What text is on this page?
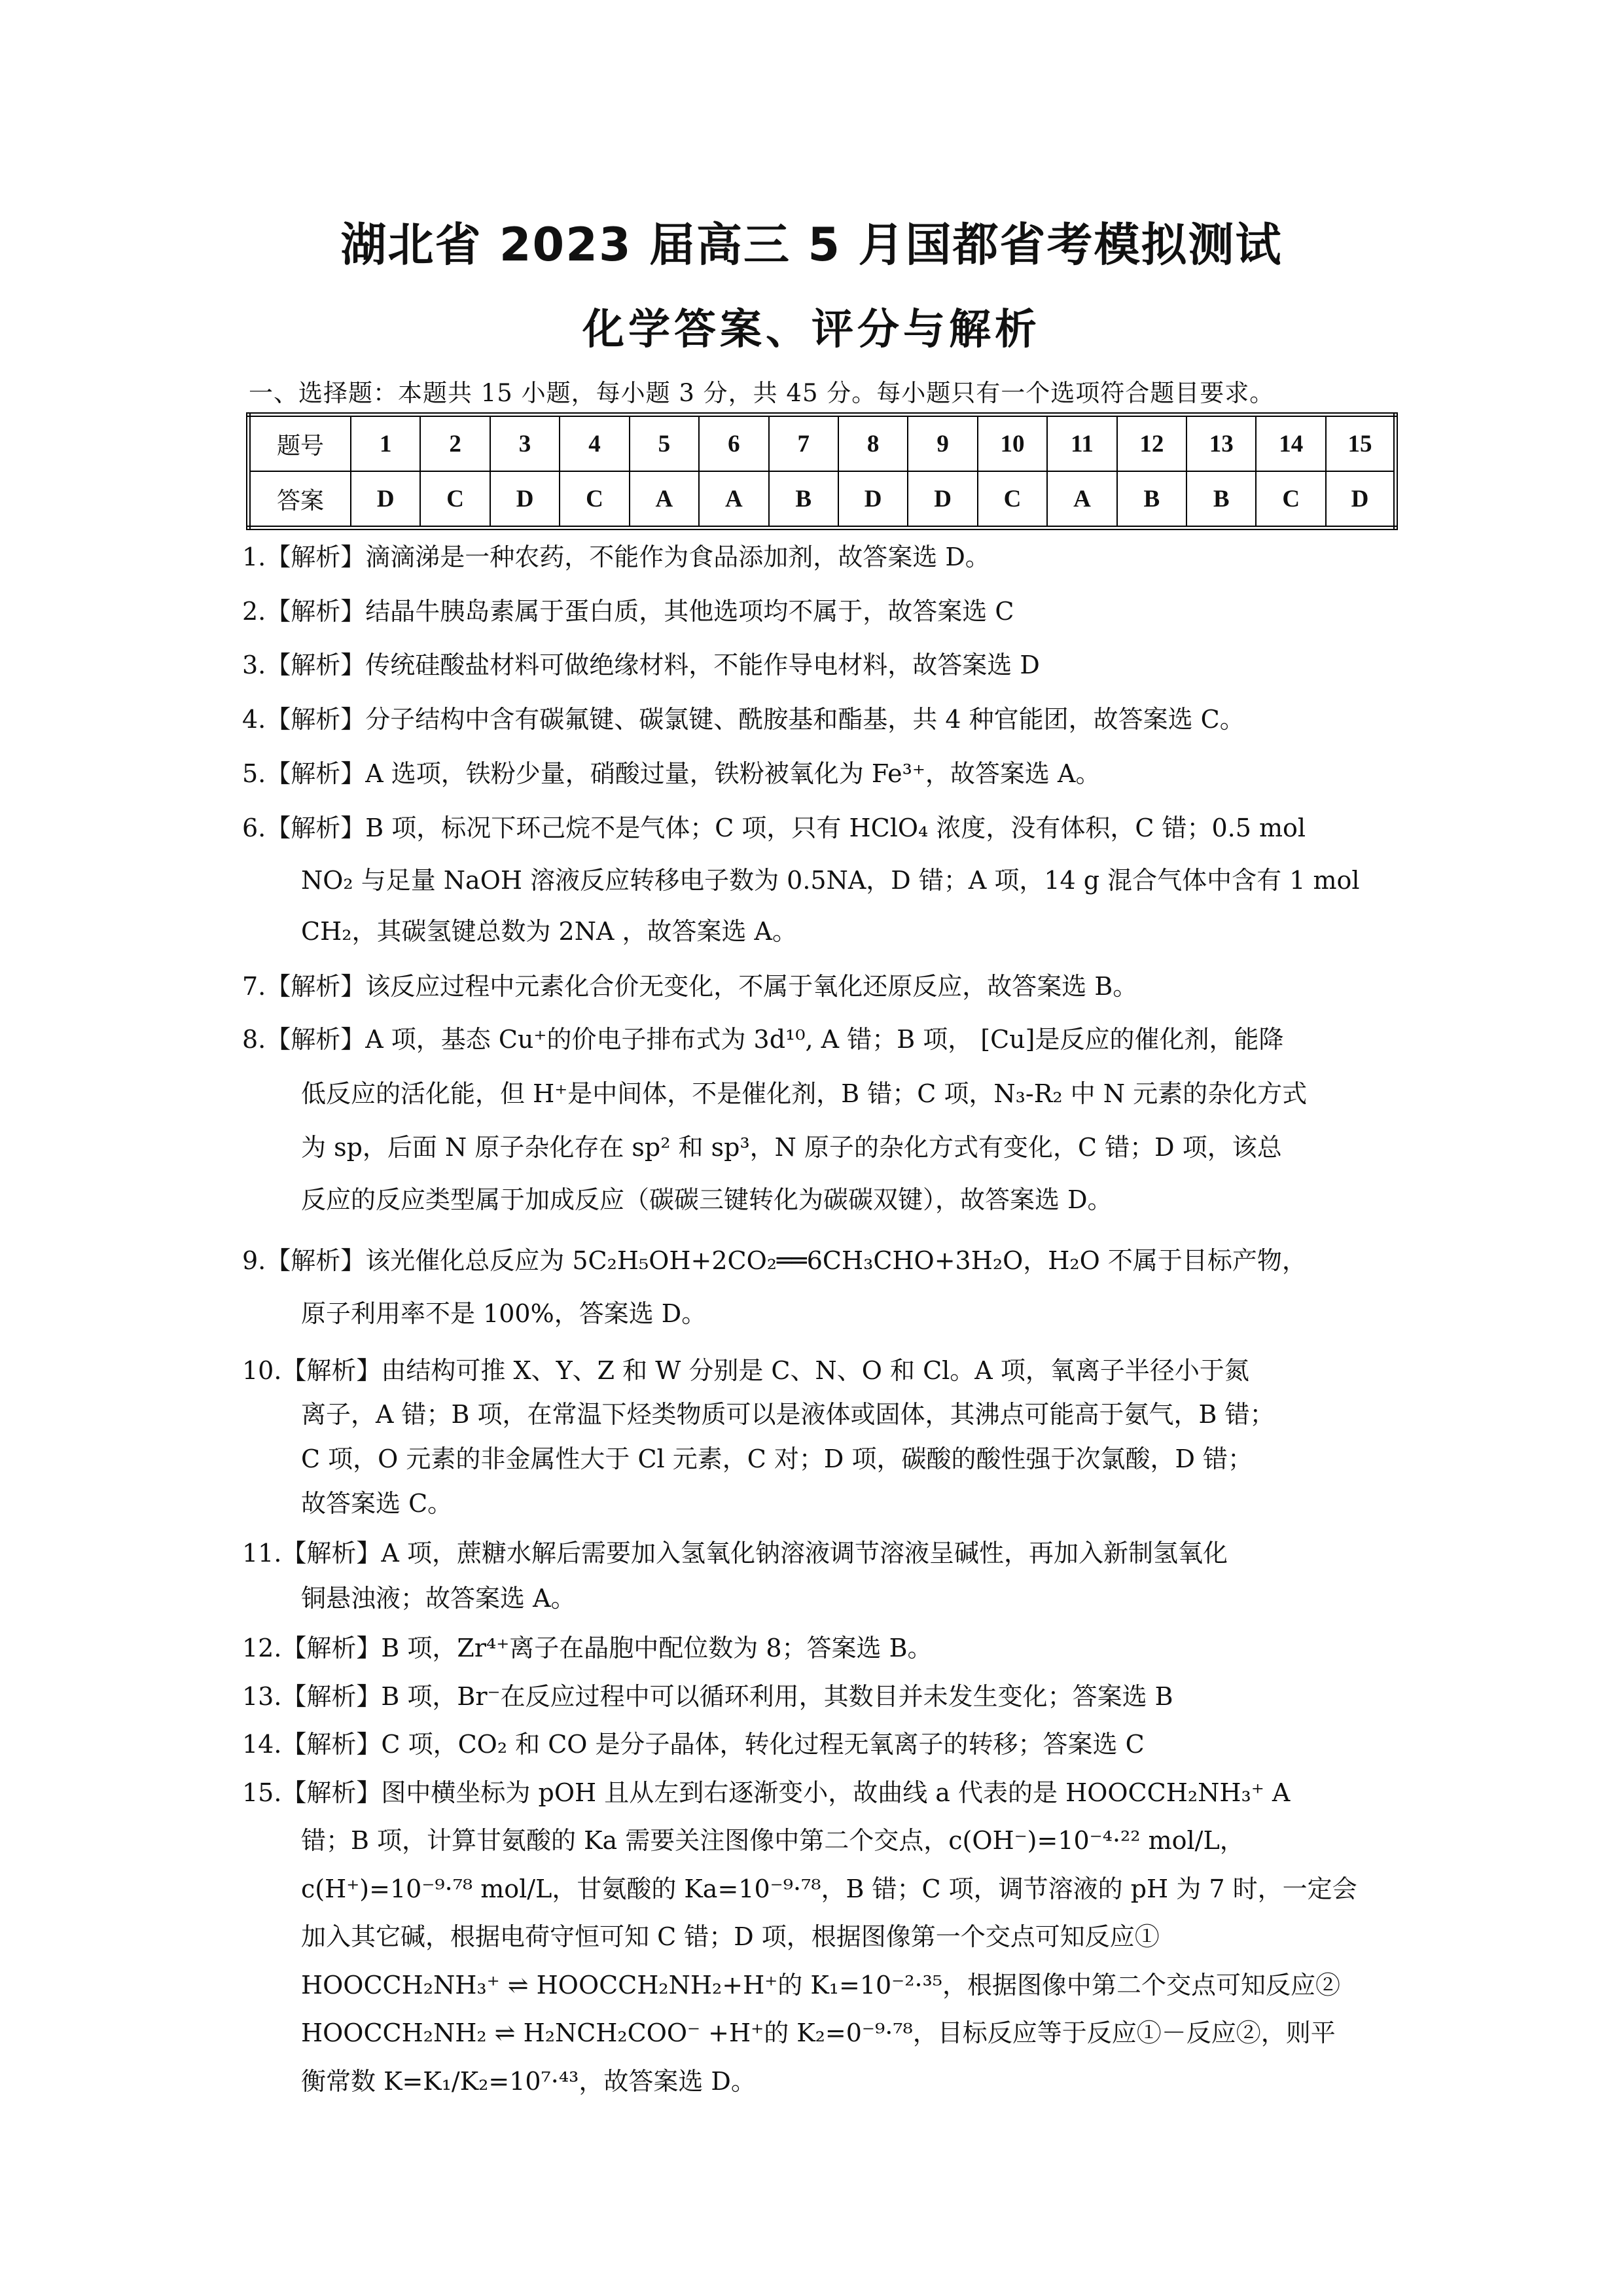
湖北省 2023 届高三 5 月国都省考模拟测试
化学答案、评分与解析
一、选择题：本题共 15 小题，每小题 3 分，共 45 分。每小题只有一个选项符合题目要求。
题号	1	2	3	4	5	6	7	8	9	10	11	12	13	14	15
答案	D	C	D	C	A	A	B	D	D	C	A	B	B	C	D
1.【解析】滴滴涕是一种农药，不能作为食品添加剂，故答案选 D。
2.【解析】结晶牛胰岛素属于蛋白质，其他选项均不属于，故答案选 C
3.【解析】传统硅酸盐材料可做绝缘材料，不能作导电材料，故答案选 D
4.【解析】分子结构中含有碳氟键、碳氯键、酰胺基和酯基，共 4 种官能团，故答案选 C。
5.【解析】A 选项，铁粉少量，硝酸过量，铁粉被氧化为 Fe³⁺，故答案选 A。
6.【解析】B 项，标况下环己烷不是气体；C 项，只有 HClO₄ 浓度，没有体积，C 错；0.5 mol
NO₂ 与足量 NaOH 溶液反应转移电子数为 0.5NA，D 错；A 项，14 g 混合气体中含有 1 mol
CH₂，其碳氢键总数为 2NA ，故答案选 A。
7.【解析】该反应过程中元素化合价无变化，不属于氧化还原反应，故答案选 B。
8.【解析】A 项，基态 Cu⁺的价电子排布式为 3d¹⁰, A 错；B 项， [Cu]是反应的催化剂，能降
低反应的活化能，但 H⁺是中间体，不是催化剂，B 错；C 项，N₃-R₂ 中 N 元素的杂化方式
为 sp，后面 N 原子杂化存在 sp² 和 sp³，N 原子的杂化方式有变化，C 错；D 项，该总
反应的反应类型属于加成反应（碳碳三键转化为碳碳双键），故答案选 D。
9.【解析】该光催化总反应为 5C₂H₅OH+2CO₂══6CH₃CHO+3H₂O，H₂O 不属于目标产物，
原子利用率不是 100%，答案选 D。
10.【解析】由结构可推 X、Y、Z 和 W 分别是 C、N、O 和 Cl。A 项，氧离子半径小于氮
离子，A 错；B 项，在常温下烃类物质可以是液体或固体，其沸点可能高于氨气，B 错；
C 项，O 元素的非金属性大于 Cl 元素，C 对；D 项，碳酸的酸性强于次氯酸，D 错；
故答案选 C。
11.【解析】A 项，蔗糖水解后需要加入氢氧化钠溶液调节溶液呈碱性，再加入新制氢氧化
铜悬浊液；故答案选 A。
12.【解析】B 项，Zr⁴⁺离子在晶胞中配位数为 8；答案选 B。
13.【解析】B 项，Br⁻在反应过程中可以循环利用，其数目并未发生变化；答案选 B
14.【解析】C 项，CO₂ 和 CO 是分子晶体，转化过程无氧离子的转移；答案选 C
15.【解析】图中横坐标为 pOH 且从左到右逐渐变小，故曲线 a 代表的是 HOOCCH₂NH₃⁺ A
错；B 项，计算甘氨酸的 Ka 需要关注图像中第二个交点，c(OH⁻)=10⁻⁴·²² mol/L，
c(H⁺)=10⁻⁹·⁷⁸ mol/L，甘氨酸的 Ka=10⁻⁹·⁷⁸，B 错；C 项，调节溶液的 pH 为 7 时，一定会
加入其它碱，根据电荷守恒可知 C 错；D 项，根据图像第一个交点可知反应①
HOOCCH₂NH₃⁺ ⇌ HOOCCH₂NH₂+H⁺的 K₁=10⁻²·³⁵，根据图像中第二个交点可知反应②
HOOCCH₂NH₂ ⇌ H₂NCH₂COO⁻ +H⁺的 K₂=0⁻⁹·⁷⁸，目标反应等于反应①－反应②，则平
衡常数 K=K₁/K₂=10⁷·⁴³，故答案选 D。
